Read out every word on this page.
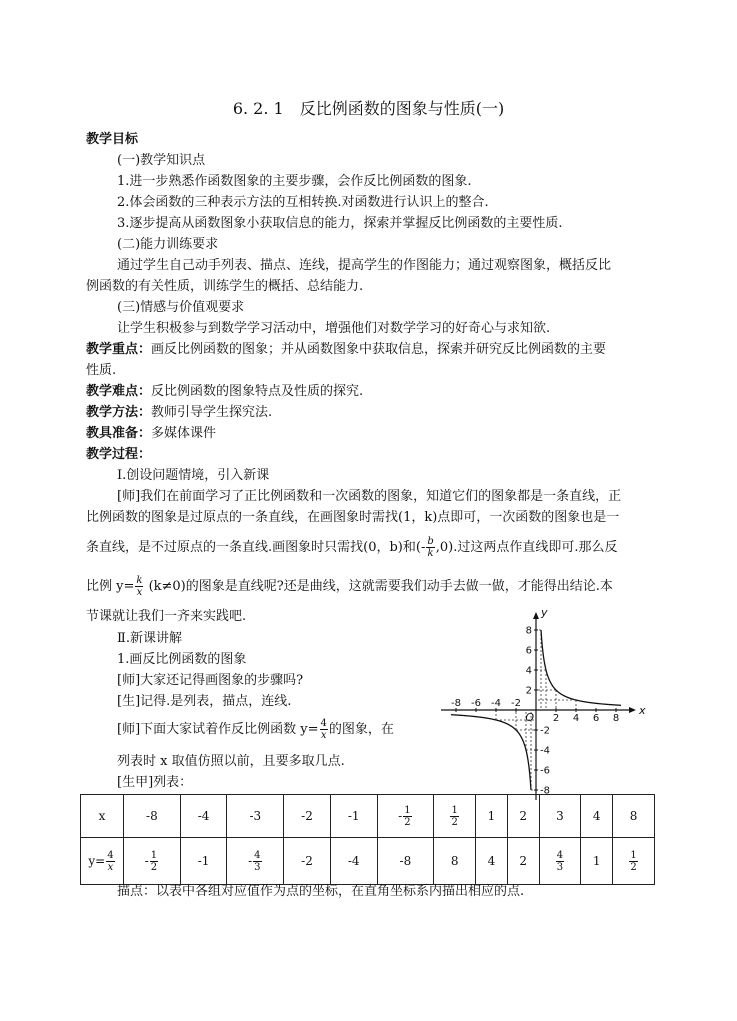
6. 2. 1　反比例函数的图象与性质(一)
教学目标
(一)教学知识点
1.进一步熟悉作函数图象的主要步骤，会作反比例函数的图象.
2.体会函数的三种表示方法的互相转换.对函数进行认识上的整合.
3.逐步提高从函数图象小获取信息的能力，探索并掌握反比例函数的主要性质.
(二)能力训练要求
通过学生自己动手列表、描点、连线，提高学生的作图能力；通过观察图象，概括反比
例函数的有关性质，训练学生的概括、总结能力.
(三)情感与价值观要求
让学生积极参与到数学学习活动中，增强他们对数学学习的好奇心与求知欲.
教学重点：画反比例函数的图象；并从函数图象中获取信息，探索并研究反比例函数的主要
性质.
教学难点：反比例函数的图象特点及性质的探究.
教学方法：教师引导学生探究法.
教具准备：多媒体课件
教学过程：
Ⅰ.创设问题情境，引入新课
[师]我们在前面学习了正比例函数和一次函数的图象，知道它们的图象都是一条直线，正
比例函数的图象是过原点的一条直线，在画图象时需找(1，k)点即可，一次函数的图象也是一
条直线，是不过原点的一条直线.画图象时只需找(0，b)和(- $\frac{b}{k} ,0$).过这两点作直线即可.那么反
比例 $y= \frac{k}{x} (k\ne 0)$的图象是直线呢?还是曲线，这就需要我们动手去做一做，才能得出结论.本
节课就让我们一齐来实践吧.
Ⅱ.新课讲解
1.画反比例函数的图象
[师]大家还记得画图象的步骤吗?
[生]记得.是列表，描点，连线.
[师]下面大家试着作反比例函数 $y= \frac{4}{x}$ 的图象，在
列表时 x 取值仿照以前，且要多取几点.
[生甲]列表：
-8 -6 -4 -2
2 4 6 8
8
6
4
2
-2
-4
-6
-8
O
x
y
x	-8	-4	-3	-2	-1	- $\frac{1}{2}$	$\frac{1}{2}$	1	2	3	4	8
$y= \frac{4}{x}$	- $\frac{1}{2}$	-1	- $\frac{4}{3}$	-2	-4	-8	8	4	2	$\frac{4}{3}$	1	$\frac{1}{2}$
描点：以表中各组对应值作为点的坐标，在直角坐标系内描出相应的点.
